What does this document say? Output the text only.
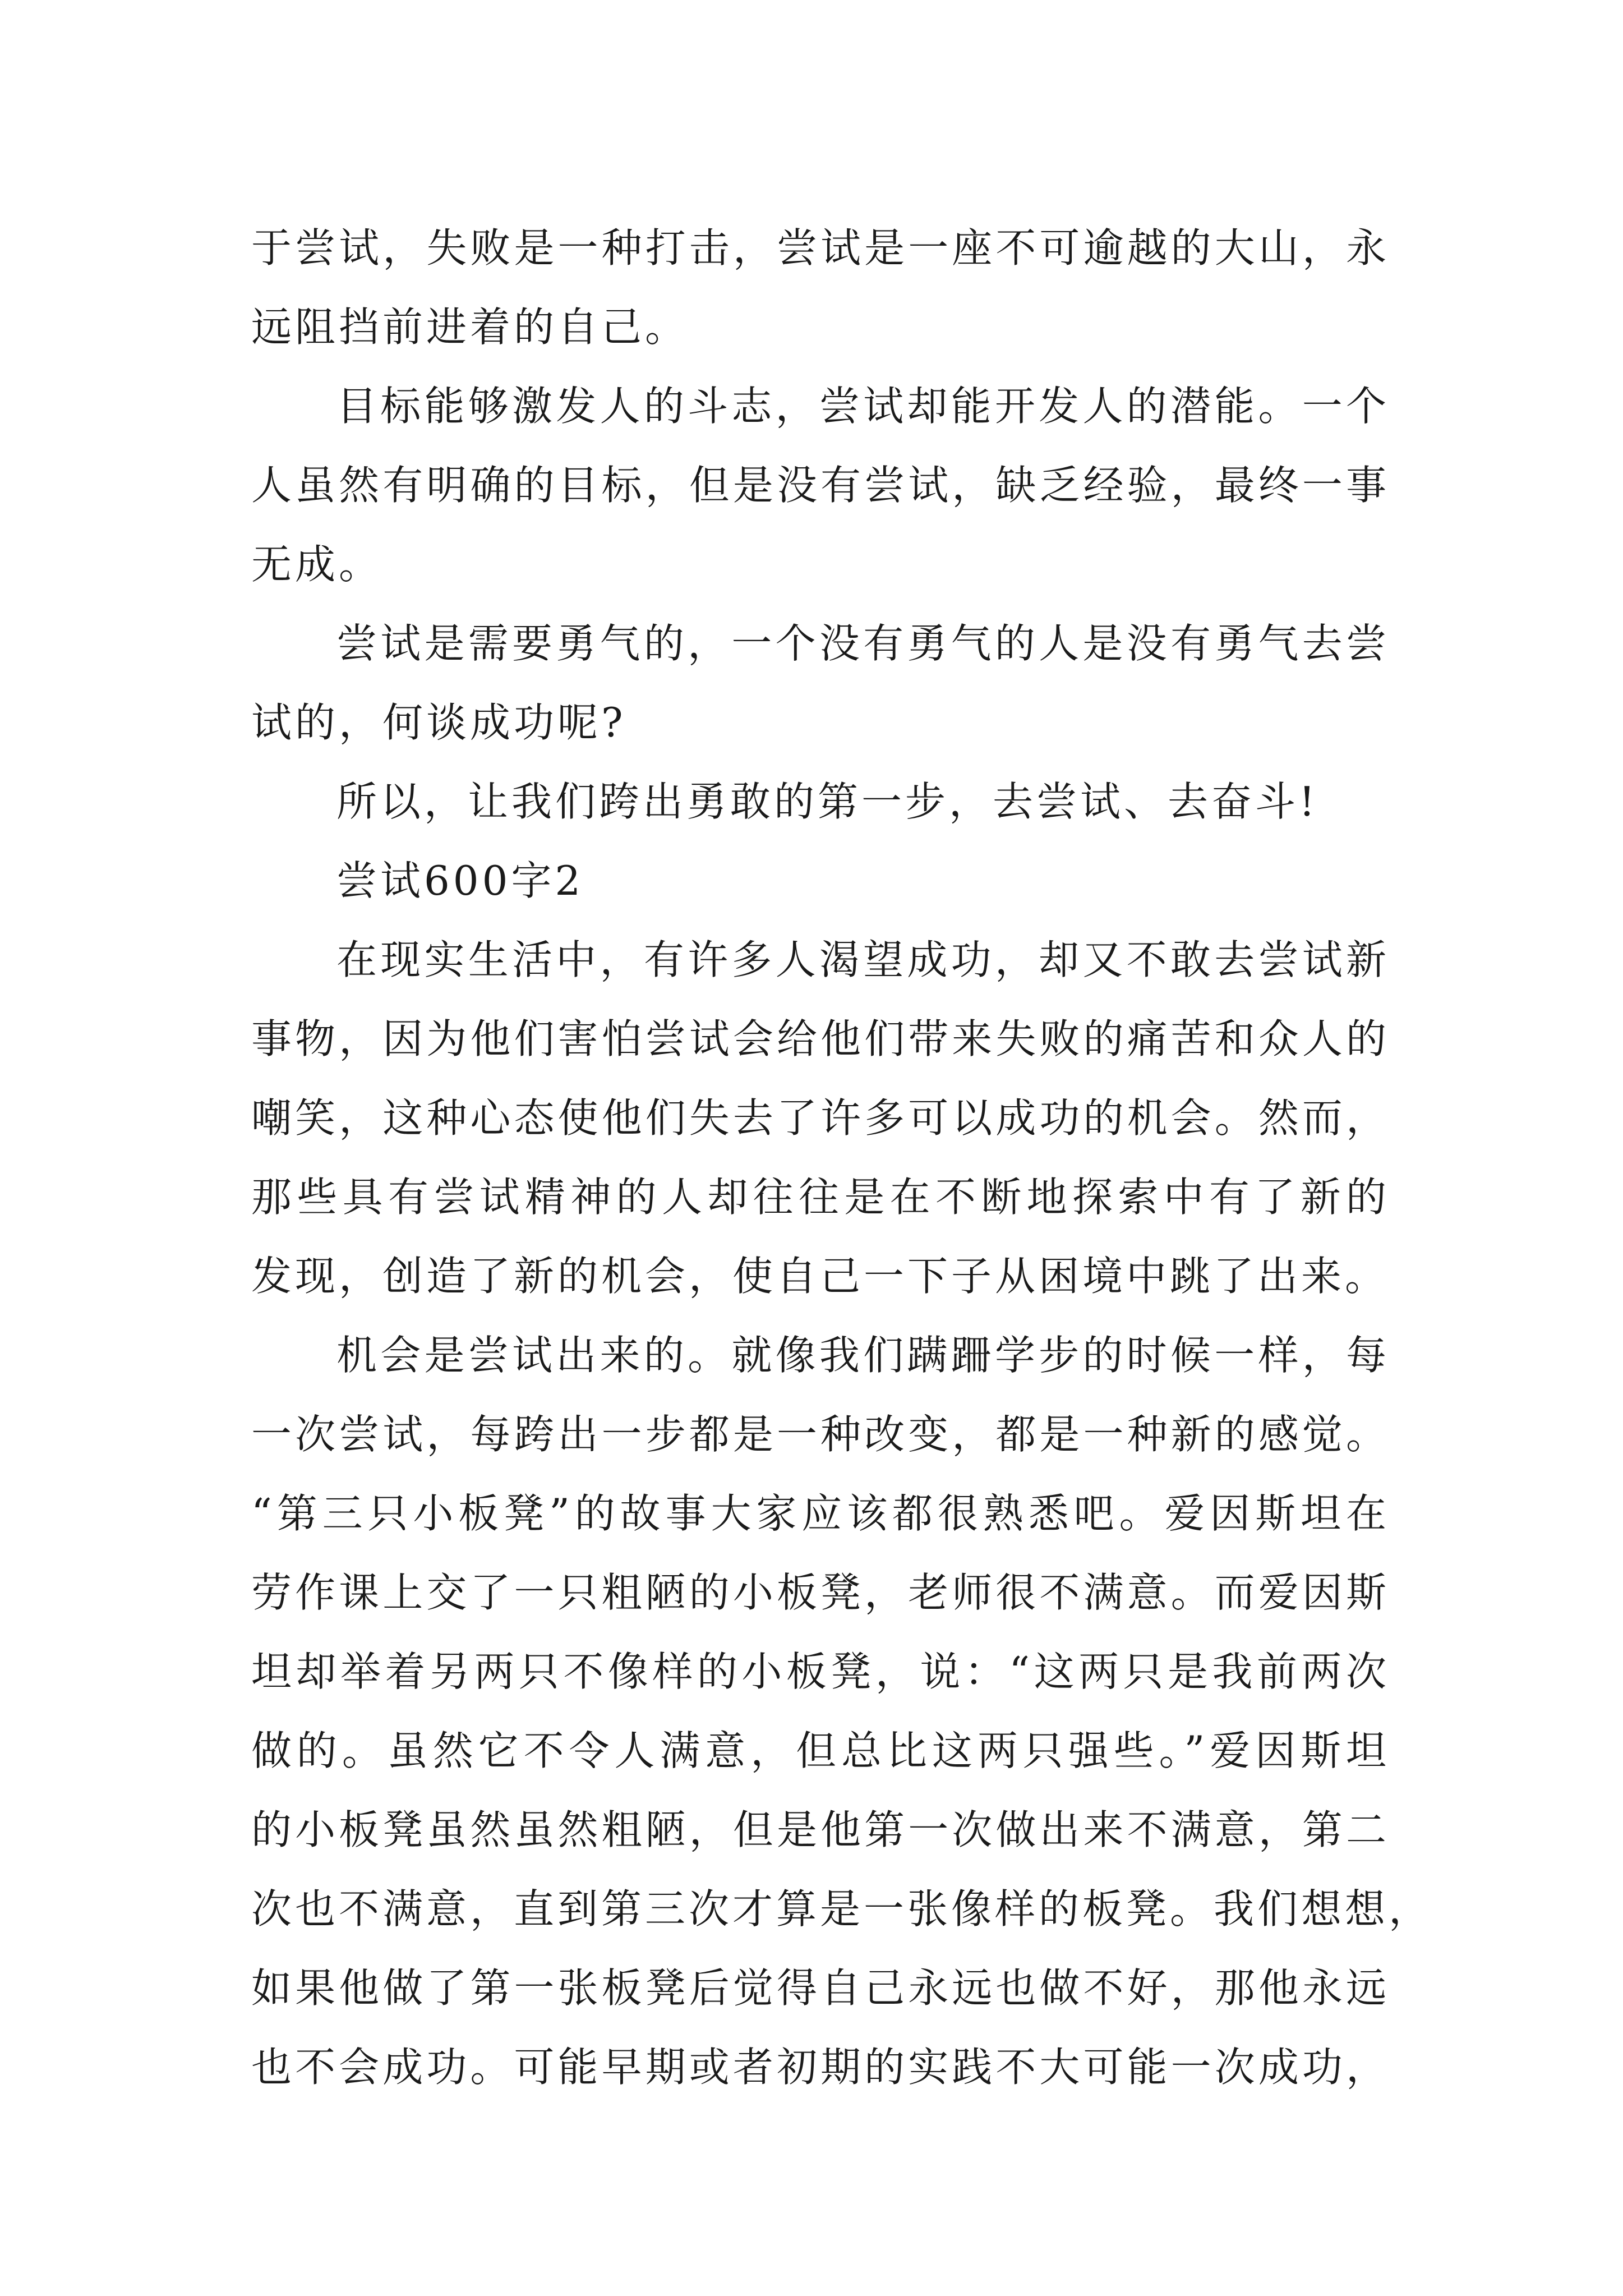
于尝试，失败是一种打击，尝试是一座不可逾越的大山，永
远阻挡前进着的自己。
目标能够激发人的斗志，尝试却能开发人的潜能。一个
人虽然有明确的目标，但是没有尝试，缺乏经验，最终一事
无成。
尝试是需要勇气的，一个没有勇气的人是没有勇气去尝
试的，何谈成功呢?
所以，让我们跨出勇敢的第一步，去尝试、去奋斗!
尝试600字2
在现实生活中，有许多人渴望成功，却又不敢去尝试新
事物，因为他们害怕尝试会给他们带来失败的痛苦和众人的
嘲笑，这种心态使他们失去了许多可以成功的机会。然而，
那些具有尝试精神的人却往往是在不断地探索中有了新的
发现，创造了新的机会，使自己一下子从困境中跳了出来。
机会是尝试出来的。就像我们蹒跚学步的时候一样，每
一次尝试，每跨出一步都是一种改变，都是一种新的感觉。
“第三只小板凳”的故事大家应该都很熟悉吧。爱因斯坦在
劳作课上交了一只粗陋的小板凳，老师很不满意。而爱因斯
坦却举着另两只不像样的小板凳，说：“这两只是我前两次
做的。虽然它不令人满意，但总比这两只强些。”爱因斯坦
的小板凳虽然虽然粗陋，但是他第一次做出来不满意，第二
次也不满意，直到第三次才算是一张像样的板凳。我们想想，
如果他做了第一张板凳后觉得自己永远也做不好，那他永远
也不会成功。可能早期或者初期的实践不大可能一次成功，
